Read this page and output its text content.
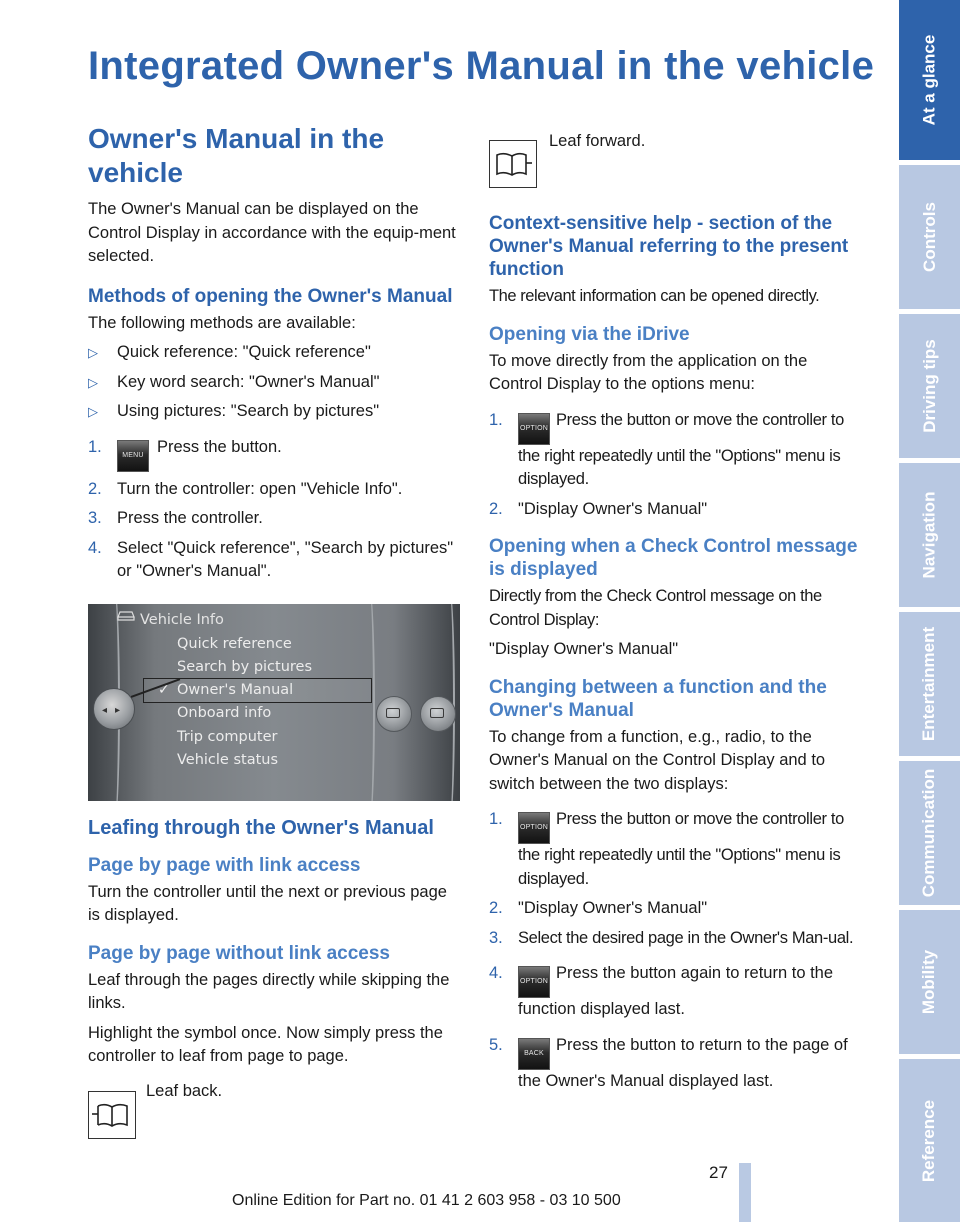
Integrated Owner's Manual in the vehicle
Owner's Manual in the vehicle

The Owner's Manual can be displayed on the Control Display in accordance with the equip‐ment selected.

Methods of opening the Owner's Manual

The following methods are available:

▷ Quick reference: "Quick reference"
▷ Key word search: "Owner's Manual"
▷ Using pictures: "Search by pictures"
1.	MENU Press the button.
2. Turn the controller: open "Vehicle Info".
3. Press the controller.
4. Select "Quick reference", "Search by pictures" or "Owner's Manual".
Vehicle Info
Quick reference
Search by pictures
✓ Owner's Manual
Onboard info
Trip computer
Vehicle status
◂▸
Leafing through the Owner's Manual
Page by page with link access

Turn the controller until the next or previous page is displayed.

Page by page without link access

Leaf through the pages directly while skipping the links.

Highlight the symbol once. Now simply press the controller to leaf from page to page.

Leaf back.
Leaf forward.
Context-sensitive help - section of the Owner's Manual referring to the present function

The relevant information can be opened directly.

Opening via the iDrive

To move directly from the application on the Control Display to the options menu:

1. OPTION Press the button or move the controller to the right repeatedly until the "Options" menu is displayed.
2. "Display Owner's Manual"
Opening when a Check Control message is displayed

Directly from the Check Control message on the Control Display:

"Display Owner's Manual"

Changing between a function and the Owner's Manual

To change from a function, e.g., radio, to the Owner's Manual on the Control Display and to switch between the two displays:

1. OPTION Press the button or move the controller to the right repeatedly until the "Options" menu is displayed.
2. "Display Owner's Manual"
3. Select the desired page in the Owner's Man‐ual.
4. OPTION Press the button again to return to the function displayed last.
5.	BACK Press the button to return to the page of the Owner's Manual displayed last.
27
Online Edition for Part no. 01 41 2 603 958 - 03 10 500
At a glance
Controls
Driving tips
Navigation
Entertainment
Communication
Mobility
Reference
